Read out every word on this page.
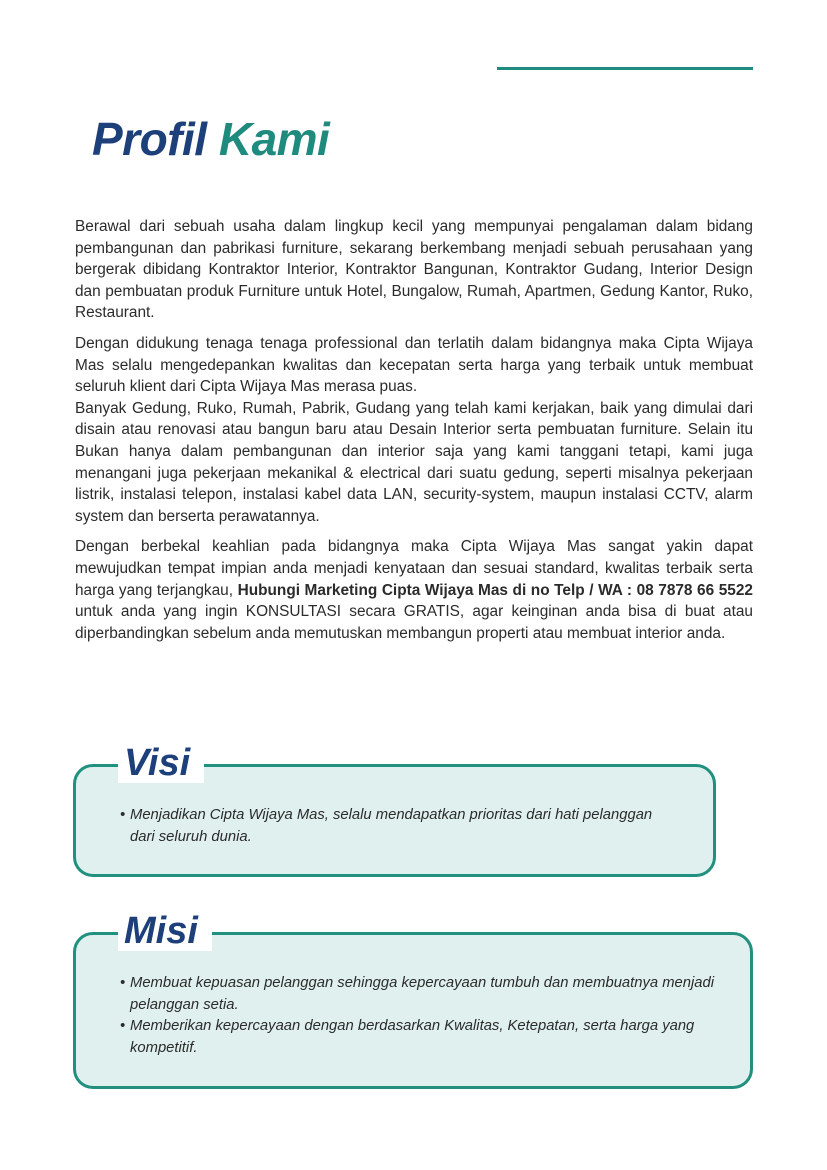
Profil Kami

Berawal dari sebuah usaha dalam lingkup kecil yang mempunyai pengalaman dalam bidang pembangunan dan pabrikasi furniture, sekarang berkembang menjadi sebuah perusahaan yang bergerak dibidang Kontraktor Interior, Kontraktor Bangunan, Kontraktor Gudang, Interior Design dan pembuatan produk Furniture untuk Hotel, Bungalow, Rumah, Apartmen, Gedung Kantor, Ruko, Restaurant.

Dengan didukung tenaga tenaga professional dan terlatih dalam bidangnya maka Cipta Wijaya Mas selalu mengedepankan kwalitas dan kecepatan serta harga yang terbaik untuk membuat seluruh klient dari Cipta Wijaya Mas merasa puas.

Banyak Gedung, Ruko, Rumah, Pabrik, Gudang yang telah kami kerjakan, baik yang dimulai dari disain atau renovasi atau bangun baru atau Desain Interior serta pembuatan furniture. Selain itu Bukan hanya dalam pembangunan dan interior saja yang kami tanggani tetapi, kami juga menangani juga pekerjaan mekanikal & electrical dari suatu gedung, seperti misalnya pekerjaan listrik, instalasi telepon, instalasi kabel data LAN, security-system, maupun instalasi CCTV, alarm system dan berserta perawatannya.

Dengan berbekal keahlian pada bidangnya maka Cipta Wijaya Mas sangat yakin dapat mewujudkan tempat impian anda menjadi kenyataan dan sesuai standard, kwalitas terbaik serta harga yang terjangkau, Hubungi Marketing Cipta Wijaya Mas di no Telp / WA : 08 7878 66 5522 untuk anda yang ingin KONSULTASI secara GRATIS, agar keinginan anda bisa di buat atau diperbandingkan sebelum anda memutuskan membangun properti atau membuat interior anda.

Visi
• Menjadikan Cipta Wijaya Mas, selalu mendapatkan prioritas dari hati pelanggan dari seluruh dunia.
Misi
• Membuat kepuasan pelanggan sehingga kepercayaan tumbuh dan membuatnya menjadi pelanggan setia.
• Memberikan kepercayaan dengan berdasarkan Kwalitas, Ketepatan, serta harga yang kompetitif.
